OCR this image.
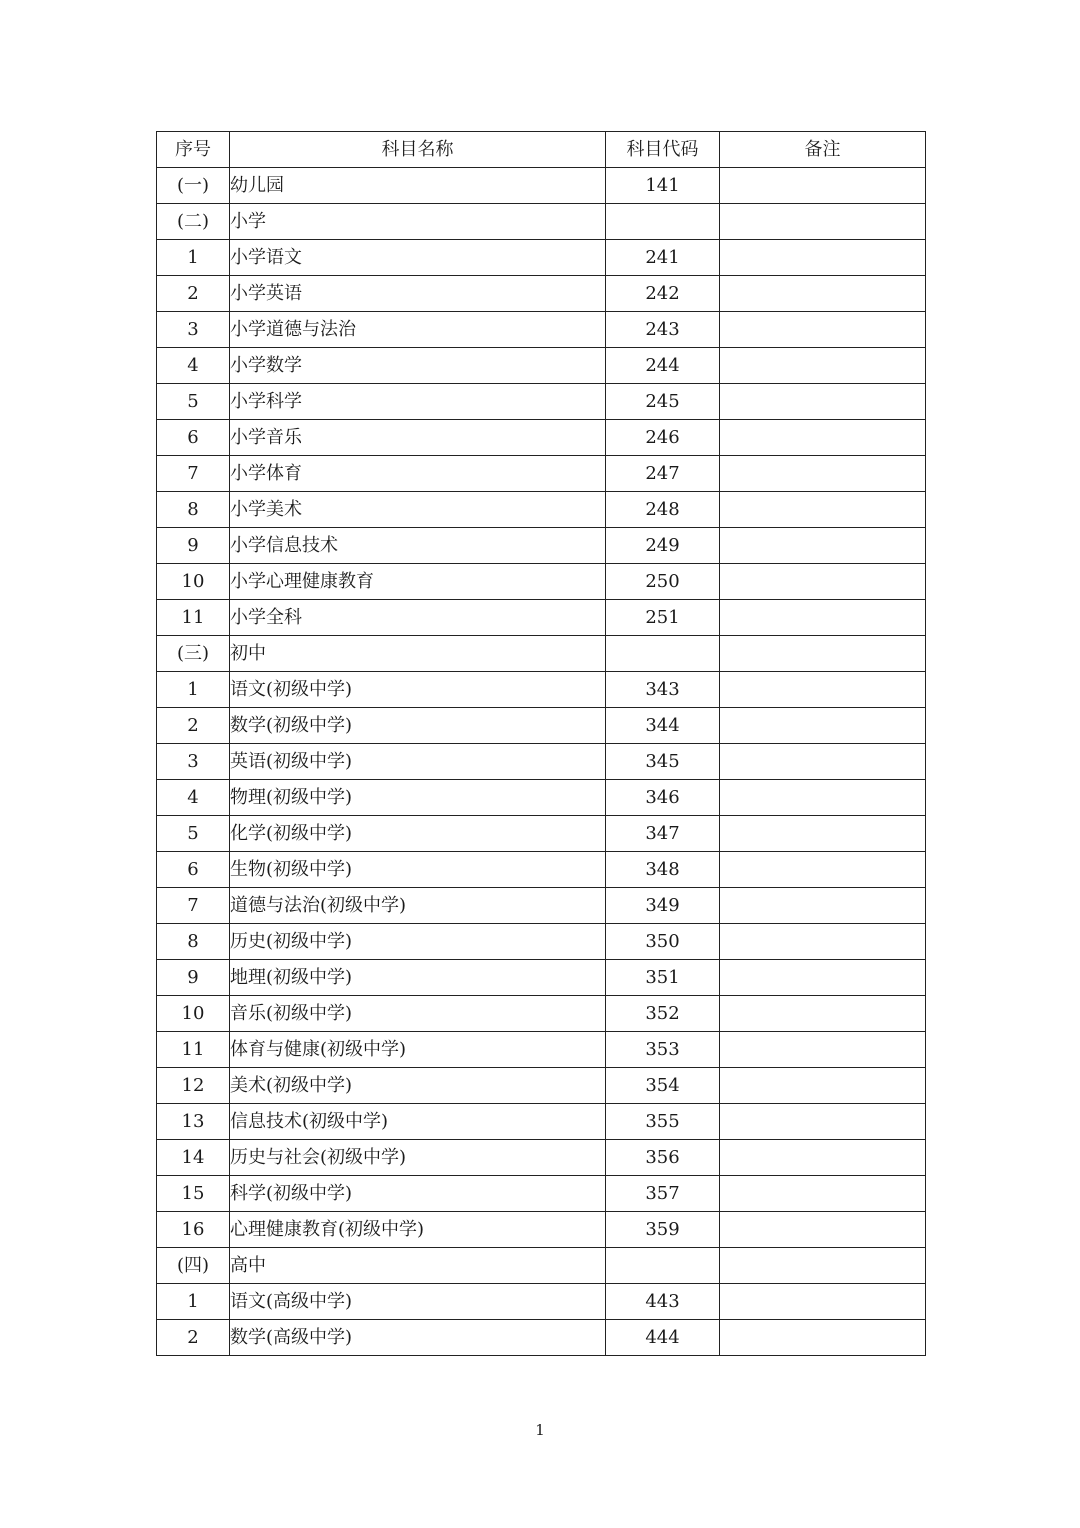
序号	科目名称	科目代码	备注
(一)	幼儿园	141	
(二)	小学		
1	小学语文	241	
2	小学英语	242	
3	小学道德与法治	243	
4	小学数学	244	
5	小学科学	245	
6	小学音乐	246	
7	小学体育	247	
8	小学美术	248	
9	小学信息技术	249	
10	小学心理健康教育	250	
11	小学全科	251	
(三)	初中		
1	语文(初级中学)	343	
2	数学(初级中学)	344	
3	英语(初级中学)	345	
4	物理(初级中学)	346	
5	化学(初级中学)	347	
6	生物(初级中学)	348	
7	道德与法治(初级中学)	349	
8	历史(初级中学)	350	
9	地理(初级中学)	351	
10	音乐(初级中学)	352	
11	体育与健康(初级中学)	353	
12	美术(初级中学)	354	
13	信息技术(初级中学)	355	
14	历史与社会(初级中学)	356	
15	科学(初级中学)	357	
16	心理健康教育(初级中学)	359	
(四)	高中		
1	语文(高级中学)	443	
2	数学(高级中学)	444	
1
